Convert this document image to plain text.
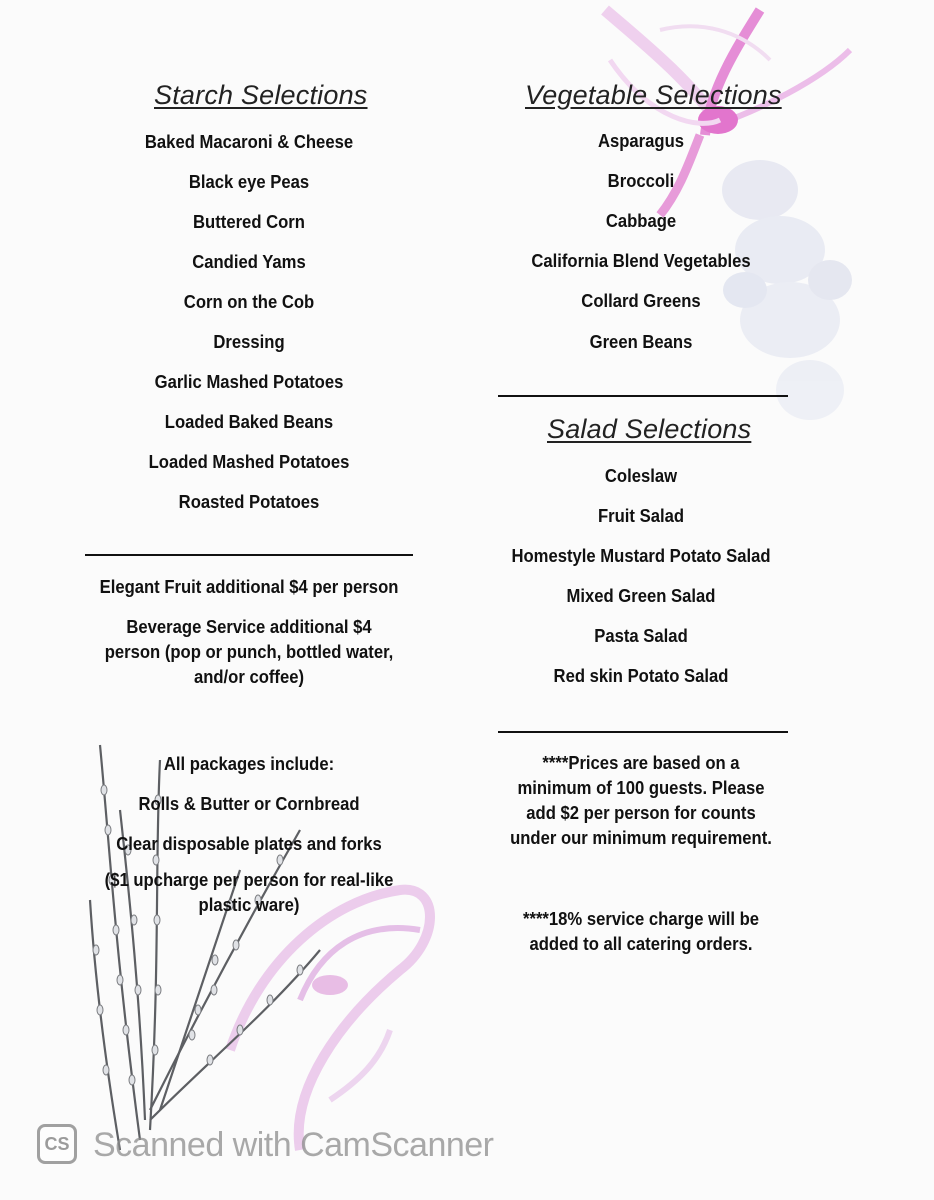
Starch Selections
Baked Macaroni & Cheese
Black eye Peas
Buttered Corn
Candied Yams
Corn on the Cob
Dressing
Garlic Mashed Potatoes
Loaded Baked Beans
Loaded Mashed Potatoes
Roasted Potatoes
Elegant Fruit additional $4 per person
Beverage Service additional $4
person (pop or punch, bottled water,
and/or coffee)
All packages include:
Rolls & Butter or Cornbread
Clear disposable plates and forks
($1 upcharge per person for real-like
plastic ware)
Vegetable Selections
Asparagus
Broccoli
Cabbage
California Blend Vegetables
Collard Greens
Green Beans
Salad Selections
Coleslaw
Fruit Salad
Homestyle Mustard Potato Salad
Mixed Green Salad
Pasta Salad
Red skin Potato Salad
****Prices are based on a
minimum of 100 guests. Please
add $2 per person for counts
under our minimum requirement.
****18% service charge will be
added to all catering orders.
CS Scanned with CamScanner
